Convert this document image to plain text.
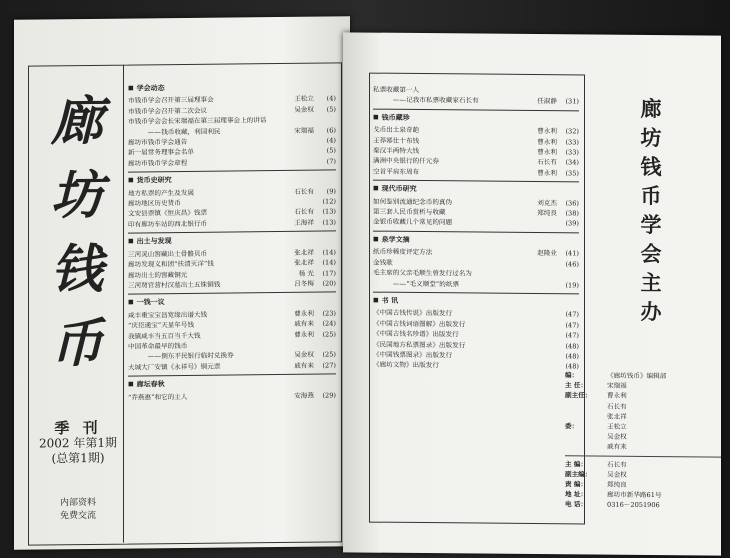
廊
坊
钱
币
季 刊
2002 年第1期
(总第1期)
内部资料
免费交流
■ 学会动态
市钱币学会召开第三届理事会	王松立	(4)
市钱币学会召开第二次会议	吴金权	(5)
市钱币学会会长宋瑞福在第三届理事会上的讲话
——钱币收藏，利国利民	宋瑞福	(6)
廊坊市钱币学会通告	(4)
新一届常务理事会名单	(5)
廊坊市钱币学会章程	(7)
■ 货币史研究
地方私票的产生及发展	石长有	(9)
廊坊地区历史货币	(12)
文安县票镇《恒庆昌》钱票	石长有	(13)
印有廊坊车站的西北银行币	王海祥	(13)
■ 出土与发现
三河灵山窖藏出土骨骼贝币	张北祥	(14)
廊坊发现义和团“扶清灭洋”钱	张北祥	(14)
廊坊出土的窖藏铜元	杨 光	(17)
三河贾官营村汉墓出土五铢铜钱	吕冬梅	(20)
■ 一钱一议
咸丰重宝宝昌宽缘出谱大钱	曹永利	(23)
“庆臣通宝”天显年号钱	戚有来	(24)
我镇咸丰当五百当千大钱	曹永利	(25)
中国革命最早的钱币
——倒东平民银行临时兑换券	吴金权	(25)
大城大厂安镇《永祥号》铜元票	戚有来	(27)
■ 廊坛春秋
“乔燕惠”和它的主人	安海燕	(29)
私票收藏第一人
——记我市私票收藏家石长有	任淑静	(31)
■ 钱币藏珍
戈币出土泉奇葩	曹永利	(32)
王莽幂仕十布钱	曹永利	(33)
秦汉半两特大钱	曹永利	(33)
满洲中央银行的仟元券	石长有	(34)
空首平肩东周布	曹永利	(35)
■ 现代币研究
如何鉴别流通纪念币的真伪	刘克杰	(36)
第三套人民币赏析与收藏	郑纯良	(38)
金银币收藏几个常见的问题	(39)
■ 泉学文摘
纸币珍稀度评定方法	赵隆业	(41)
金钱歌	(46)
毛主席的父亲毛顺生曾发行过名为
——“毛义顺堂”的纸票	(19)
■ 书 讯
《中国古钱传说》出版发行	(47)
《中国古钱词语图解》出版发行	(47)
《中国古钱名珍谱》出版发行	(47)
《民国地方私票图录》出版发行	(48)
《中国钱票图录》出版发行	(48)
《廊坊文物》出版发行	(48)
廊坊钱币学会主办
编：	《廊坊钱币》编辑部
主 任：	宋瑞福
副主任：	曹永利
石长有
张北祥
委：	王松立
吴金权
戚有来
主 编：	石长有
副主编：	吴金权
责 编：	郑纯良
地 址：	廊坊市新华路61号
电 话：	0316－2051906
